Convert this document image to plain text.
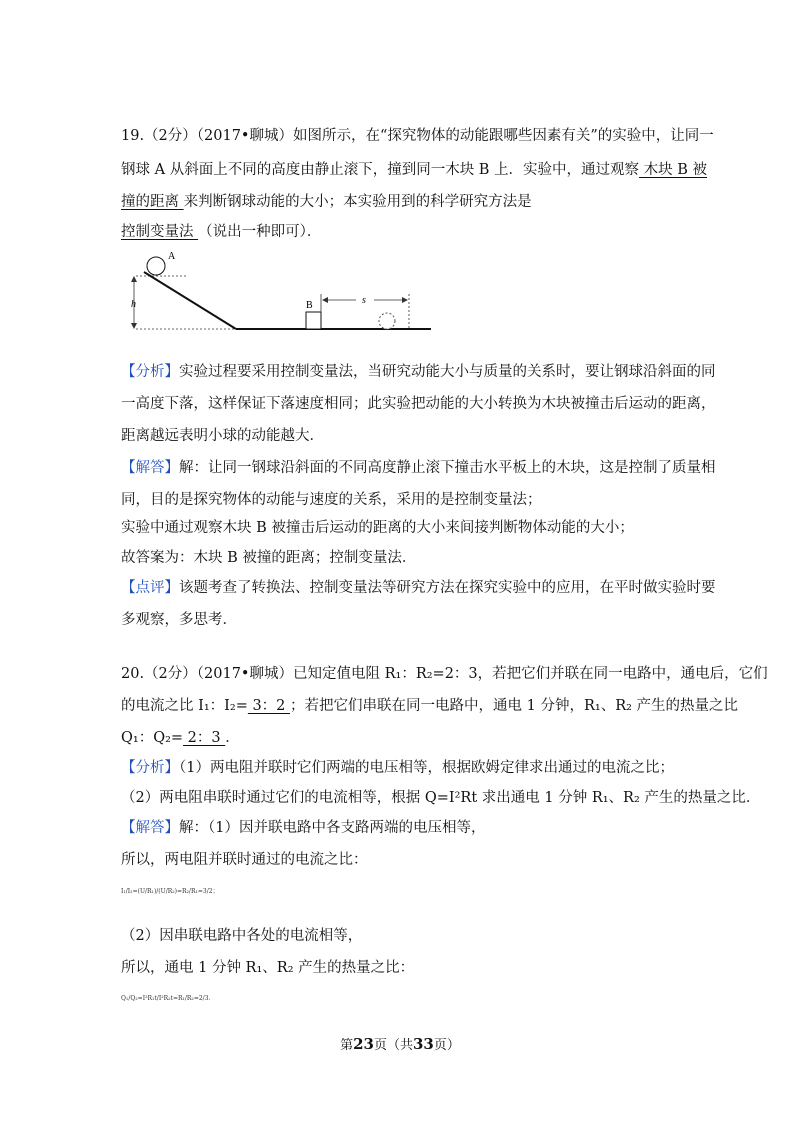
19.（2分）（2017•聊城）如图所示，在“探究物体的动能跟哪些因素有关”的实验中，让同一
钢球 A 从斜面上不同的高度由静止滚下，撞到同一木块 B 上．实验中，通过观察 木块 B 被
撞的距离 来判断钢球动能的大小；本实验用到的科学研究方法是
控制变量法 （说出一种即可）．
h
A
B	s
【分析】实验过程要采用控制变量法，当研究动能大小与质量的关系时，要让钢球沿斜面的同
一高度下落，这样保证下落速度相同；此实验把动能的大小转换为木块被撞击后运动的距离，
距离越远表明小球的动能越大．
【解答】解：让同一钢球沿斜面的不同高度静止滚下撞击水平板上的木块，这是控制了质量相
同，目的是探究物体的动能与速度的关系，采用的是控制变量法；
实验中通过观察木块 B 被撞击后运动的距离的大小来间接判断物体动能的大小；
故答案为：木块 B 被撞的距离；控制变量法．
【点评】该题考查了转换法、控制变量法等研究方法在探究实验中的应用，在平时做实验时要
多观察，多思考．
20.（2分）（2017•聊城）已知定值电阻 R₁：R₂=2：3，若把它们并联在同一电路中，通电后，它们
的电流之比 I₁：I₂= 3：2 ；若把它们串联在同一电路中，通电 1 分钟，R₁、R₂ 产生的热量之比
Q₁：Q₂= 2：3 ．
【分析】（1）两电阻并联时它们两端的电压相等，根据欧姆定律求出通过的电流之比；
（2）两电阻串联时通过它们的电流相等，根据 Q=I²Rt 求出通电 1 分钟 R₁、R₂ 产生的热量之比．
【解答】解：（1）因并联电路中各支路两端的电压相等，
所以，两电阻并联时通过的电流之比：
I₁/I₂=(U/R₁)/(U/R₂)=R₂/R₁=3/2；
（2）因串联电路中各处的电流相等，
所以，通电 1 分钟 R₁、R₂ 产生的热量之比：
Q₁/Q₂=I²R₁t/I²R₂t=R₁/R₂=2/3．
第23页（共33页）
